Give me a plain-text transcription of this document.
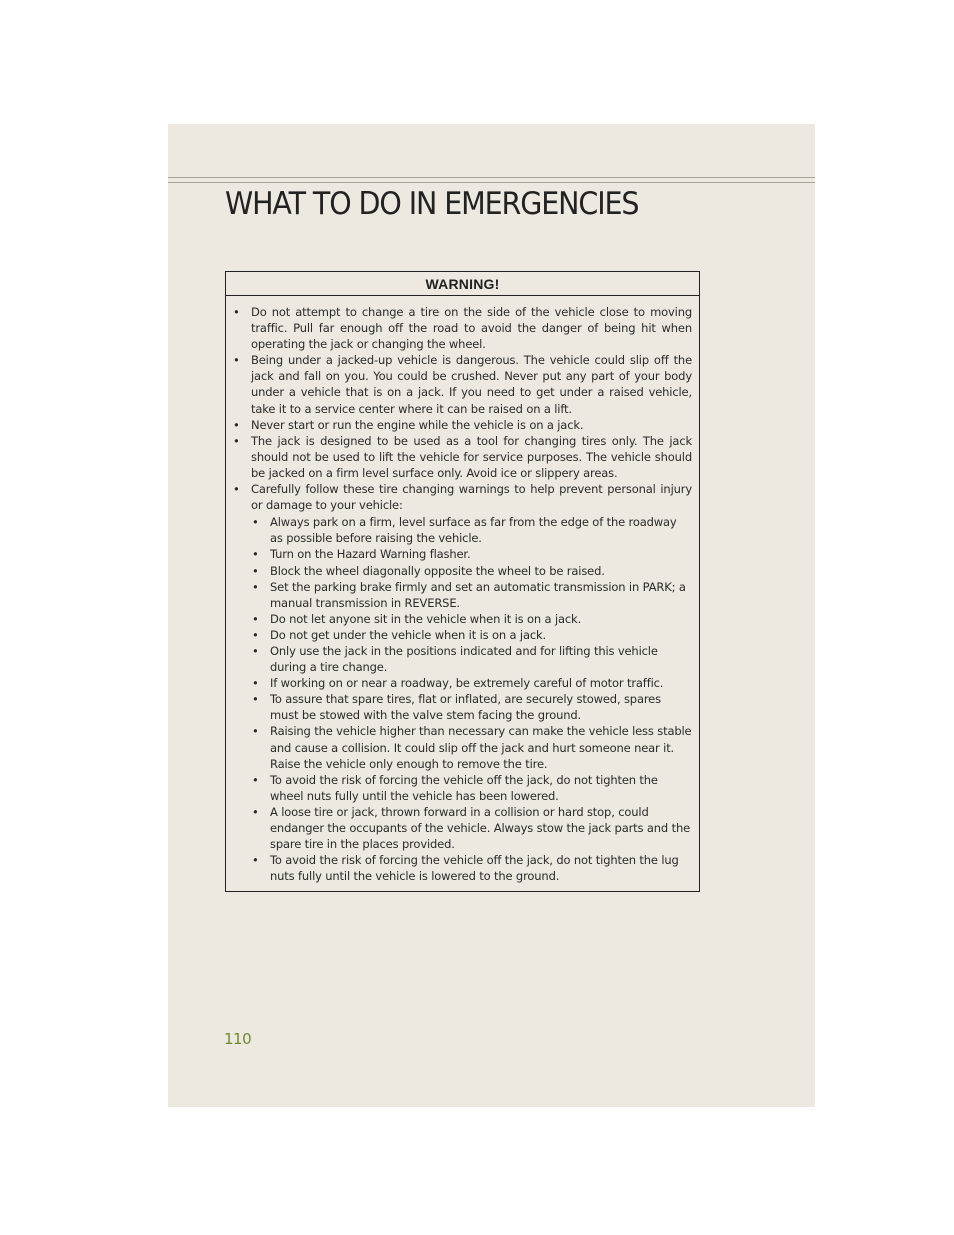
WHAT TO DO IN EMERGENCIES
WARNING!
• Do not attempt to change a tire on the side of the vehicle close to moving traffic. Pull far enough off the road to avoid the danger of being hit when operating the jack or changing the wheel.
• Being under a jacked-up vehicle is dangerous. The vehicle could slip off the jack and fall on you. You could be crushed. Never put any part of your body under a vehicle that is on a jack. If you need to get under a raised vehicle, take it to a service center where it can be raised on a lift.
• Never start or run the engine while the vehicle is on a jack.
• The jack is designed to be used as a tool for changing tires only. The jack should not be used to lift the vehicle for service purposes. The vehicle should be jacked on a firm level surface only. Avoid ice or slippery areas.
• Carefully follow these tire changing warnings to help prevent personal injury or damage to your vehicle:
• Always park on a firm, level surface as far from the edge of the roadway as possible before raising the vehicle.
• Turn on the Hazard Warning flasher.
• Block the wheel diagonally opposite the wheel to be raised.
• Set the parking brake firmly and set an automatic transmission in PARK; a manual transmission in REVERSE.
• Do not let anyone sit in the vehicle when it is on a jack.
• Do not get under the vehicle when it is on a jack.
• Only use the jack in the positions indicated and for lifting this vehicle during a tire change.
• If working on or near a roadway, be extremely careful of motor traffic.
• To assure that spare tires, flat or inflated, are securely stowed, spares must be stowed with the valve stem facing the ground.
• Raising the vehicle higher than necessary can make the vehicle less stable and cause a collision. It could slip off the jack and hurt someone near it. Raise the vehicle only enough to remove the tire.
• To avoid the risk of forcing the vehicle off the jack, do not tighten the wheel nuts fully until the vehicle has been lowered.
• A loose tire or jack, thrown forward in a collision or hard stop, could endanger the occupants of the vehicle. Always stow the jack parts and the spare tire in the places provided.
• To avoid the risk of forcing the vehicle off the jack, do not tighten the lug nuts fully until the vehicle is lowered to the ground.
110
